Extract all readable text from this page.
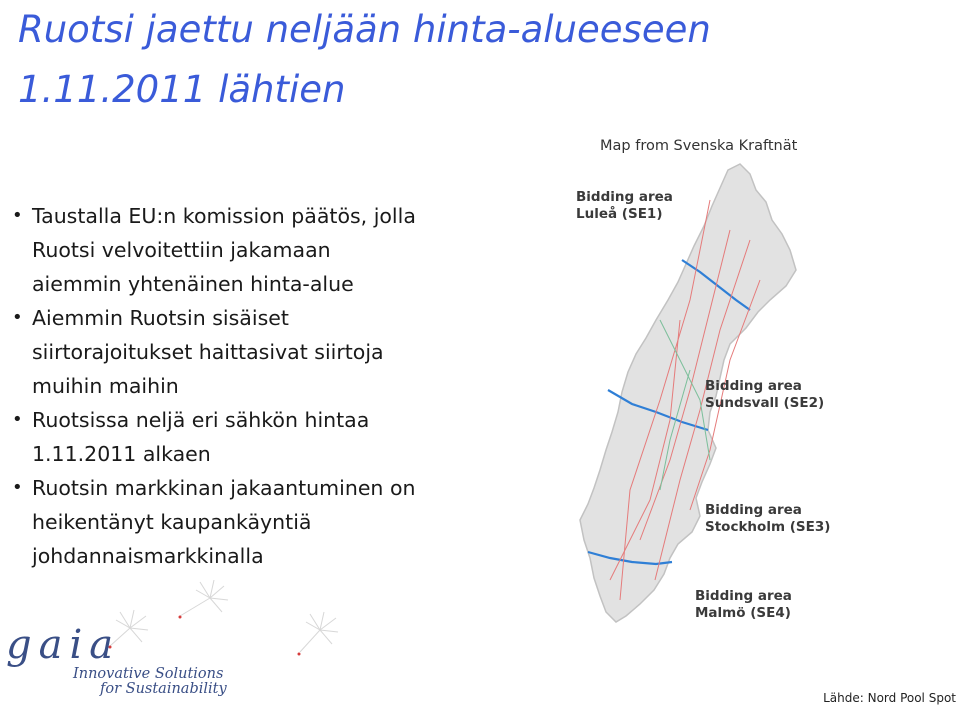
Ruotsi jaettu neljään hinta-alueeseen
1.11.2011 lähtien
• Taustalla EU:n komission päätös, jolla
Ruotsi velvoitettiin jakamaan
aiemmin yhtenäinen hinta-alue
• Aiemmin Ruotsin sisäiset
siirtorajoitukset haittasivat siirtoja
muihin maihin
• Ruotsissa neljä eri sähkön hintaa
1.11.2011 alkaen
• Ruotsin markkinan jakaantuminen on
heikentänyt kaupankäyntiä
johdannaismarkkinalla
Map from Svenska Kraftnät
Bidding area
Luleå (SE1)
Bidding area
Sundsvall (SE2)
Bidding area
Stockholm (SE3)
Bidding area
Malmö (SE4)
gaia
Innovative Solutions
for Sustainability
Lähde: Nord Pool Spot
